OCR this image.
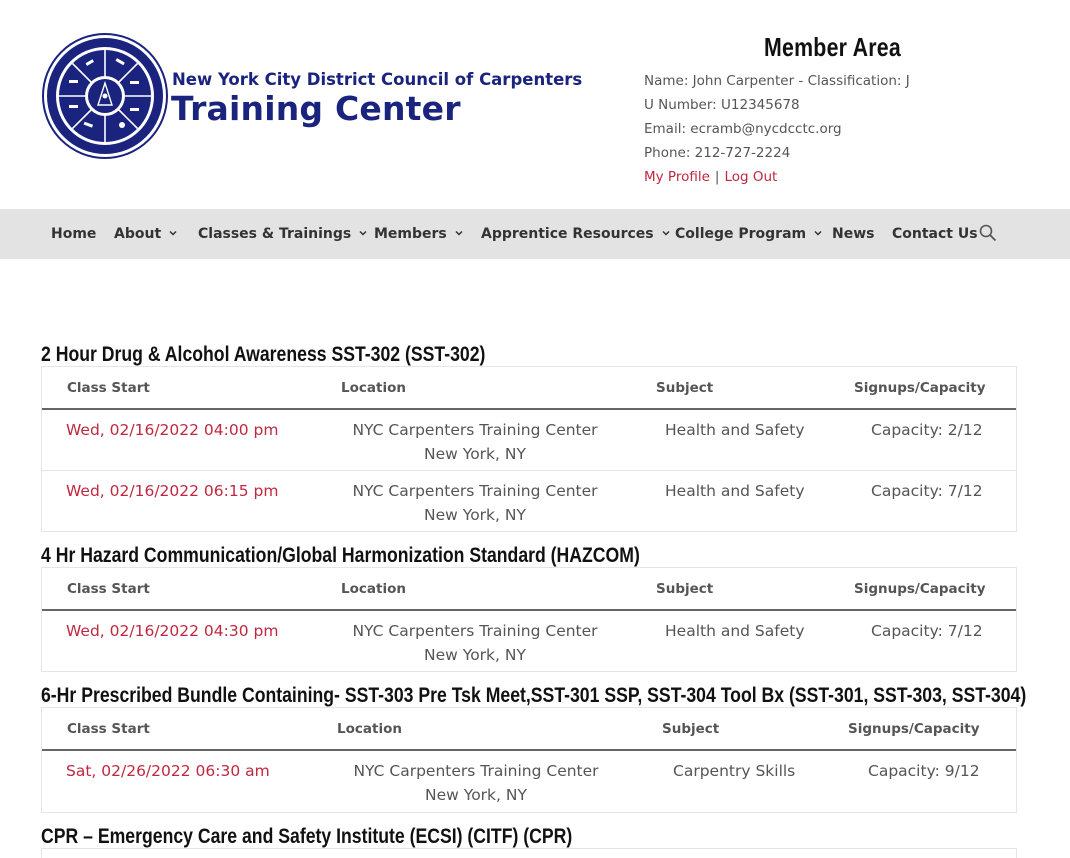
New York City District Council of Carpenters
Training Center
Member Area
Name: John Carpenter - Classification: J
U Number: U12345678
Email: ecramb@nycdcctc.org
Phone: 212-727-2224
My Profile | Log Out
Home About	Classes & Trainings	Members	Apprentice Resources	College Program	News Contact Us
2 Hour Drug & Alcohol Awareness SST-302 (SST-302)
Class Start	Location	Subject	Signups/Capacity
Wed, 02/16/2022 04:00 pm	NYC Carpenters Training Center
New York, NY
Health and Safety	Capacity: 2/12
Wed, 02/16/2022 06:15 pm	NYC Carpenters Training Center
New York, NY
Health and Safety	Capacity: 7/12
4 Hr Hazard Communication/Global Harmonization Standard (HAZCOM)
Class Start	Location	Subject	Signups/Capacity
Wed, 02/16/2022 04:30 pm	NYC Carpenters Training Center
New York, NY
Health and Safety	Capacity: 7/12
6-Hr Prescribed Bundle Containing- SST-303 Pre Tsk Meet,SST-301 SSP, SST-304 Tool Bx (SST-301, SST-303, SST-304)
Class Start	Location	Subject	Signups/Capacity
Sat, 02/26/2022 06:30 am	NYC Carpenters Training Center
New York, NY
Carpentry Skills	Capacity: 9/12
CPR – Emergency Care and Safety Institute (ECSI) (CITF) (CPR)
